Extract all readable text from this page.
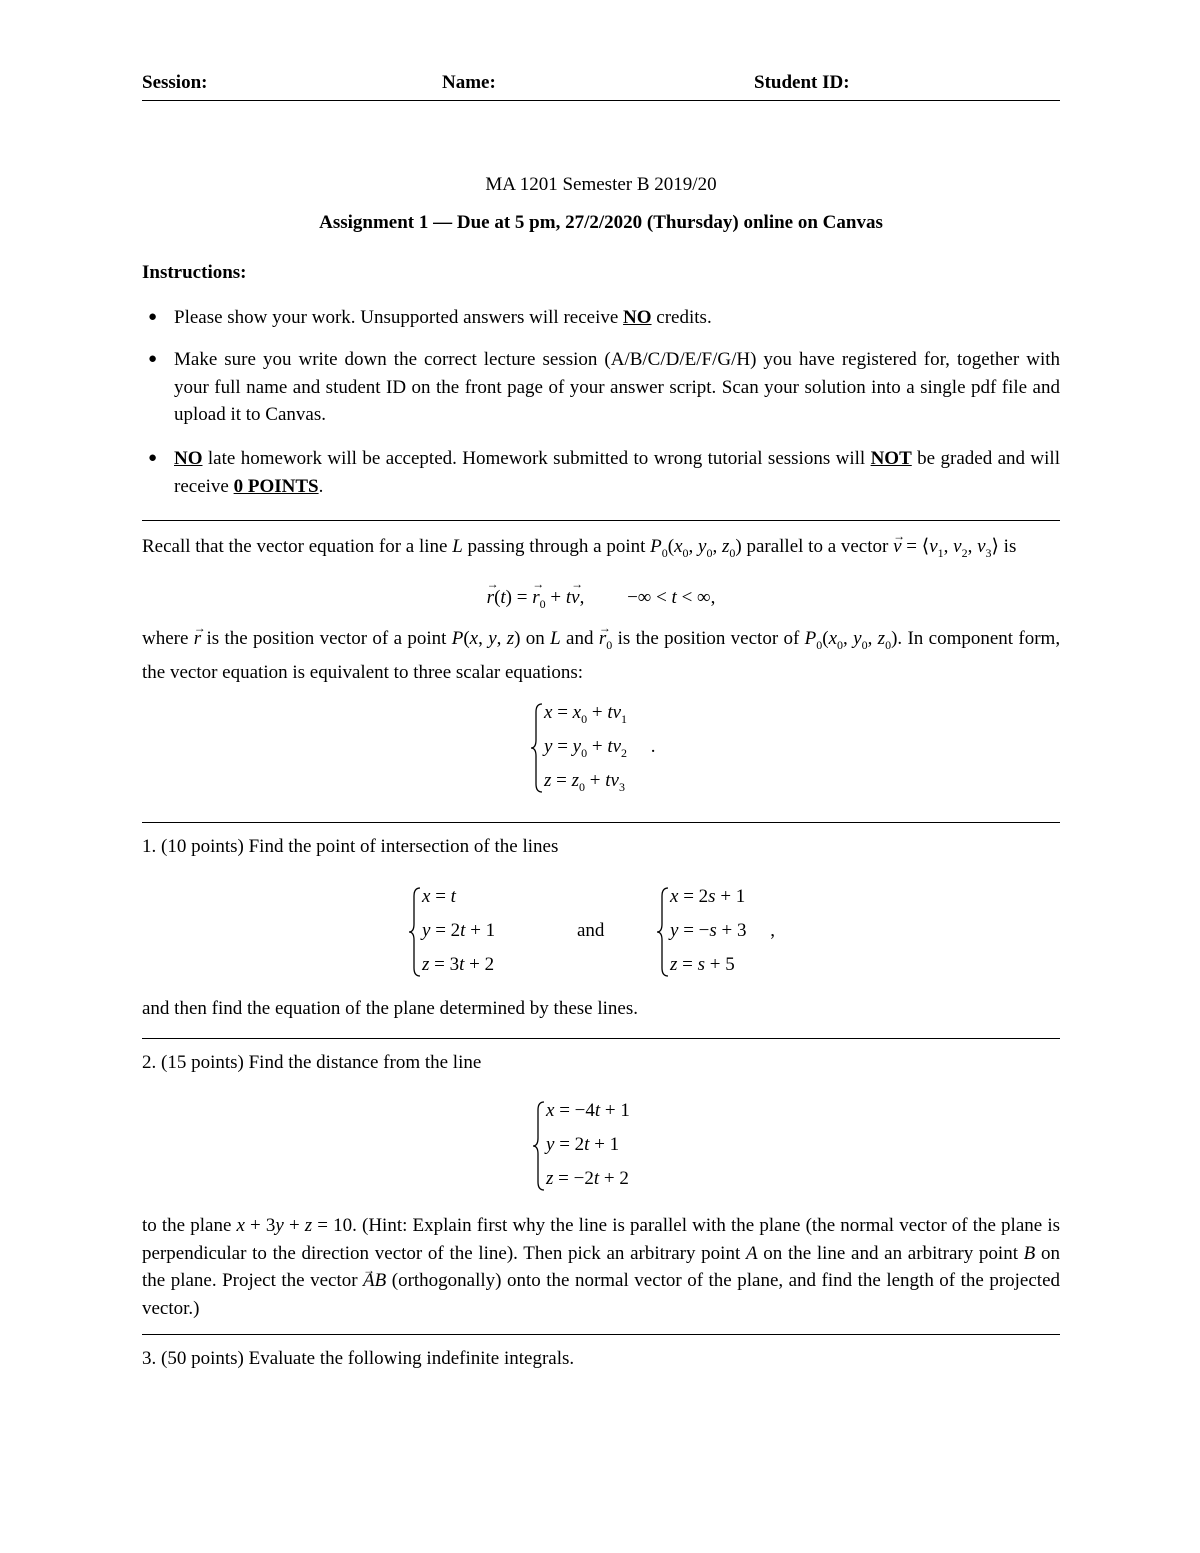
Session:	Name:	Student ID:
MA 1201 Semester B 2019/20
Assignment 1 — Due at 5 pm, 27/2/2020 (Thursday) online on Canvas
Instructions:
● Please show your work. Unsupported answers will receive NO credits.
● Make sure you write down the correct lecture session (A/B/C/D/E/F/G/H) you have registered for, together with your full name and student ID on the front page of your answer script. Scan your solution into a single pdf file and upload it to Canvas.
● NO late homework will be accepted. Homework submitted to wrong tutorial sessions will NOT be graded and will receive 0 POINTS.
Recall that the vector equation for a line L passing through a point $P_0(x_0$, $y_0$, $z_0$) parallel to a vector → $v = ⟨v_1$, $v_2$, $v_3⟩$ is
→ r(t) = → $r_0 + t\to v$,         −∞ < t < ∞,
where → r is the position vector of a point P(x, y, z) on L and → $r_0$ is the position vector of $P_0(x_0$, $y_0$, $z_0$). In component form, the vector equation is equivalent to three scalar equations:
$x = x_0 + tv_1$
$y = y_0 + tv_2$     .
$z = z_0 + tv_3$
1. (10 points) Find the point of intersection of the lines
x = t
y = 2t + 1
z = 3t + 2
and
x = 2s + 1
y = −s + 3     ,
z = s + 5
and then find the equation of the plane determined by these lines.
2. (15 points) Find the distance from the line
x = −4t + 1
y = 2t + 1
z = −2t + 2
to the plane x + 3y + z = 10. (Hint: Explain first why the line is parallel with the plane (the normal vector of the plane is perpendicular to the direction vector of the line). Then pick an arbitrary point A on the line and an arbitrary point B on the plane. Project the vector → AB (orthogonally) onto the normal vector of the plane, and find the length of the projected vector.)
3. (50 points) Evaluate the following indefinite integrals.
